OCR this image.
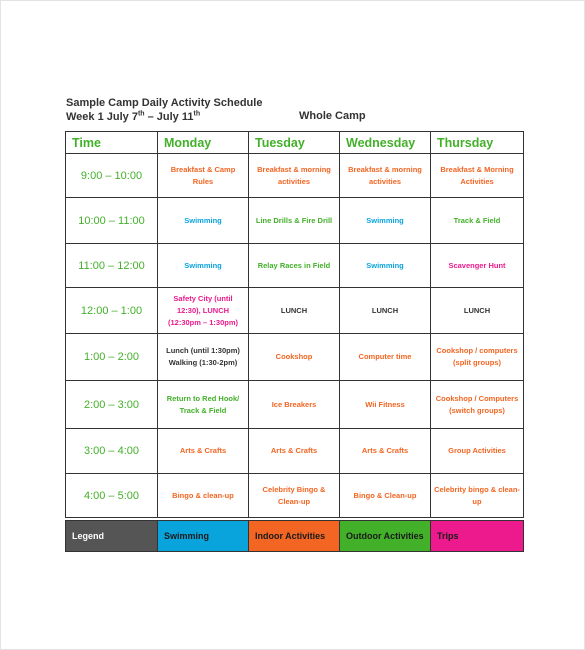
Sample Camp Daily Activity Schedule
Week 1 July 7th – July 11th	Whole Camp
Time	Monday	Tuesday	Wednesday	Thursday
9:00 – 10:00	Breakfast & Camp Rules	Breakfast & morning activities	Breakfast & morning activities	Breakfast & Morning Activities
10:00 – 11:00	Swimming	Line Drills & Fire Drill	Swimming	Track & Field
11:00 – 12:00	Swimming	Relay Races in Field	Swimming	Scavenger Hunt
12:00 – 1:00	Safety City (until 12:30), LUNCH (12:30pm – 1:30pm)	LUNCH	LUNCH	LUNCH
1:00 – 2:00	Lunch (until 1:30pm) Walking (1:30-2pm)	Cookshop	Computer time	Cookshop / computers (split groups)
2:00 – 3:00	Return to Red Hook/ Track & Field	Ice Breakers	Wii Fitness	Cookshop / Computers (switch groups)
3:00 – 4:00	Arts & Crafts	Arts & Crafts	Arts & Crafts	Group Activities
4:00 – 5:00	Bingo & clean-up	Celebrity Bingo & Clean-up	Bingo & Clean-up	Celebrity bingo & clean-up
Legend	Swimming	Indoor Activities	Outdoor Activities	Trips
